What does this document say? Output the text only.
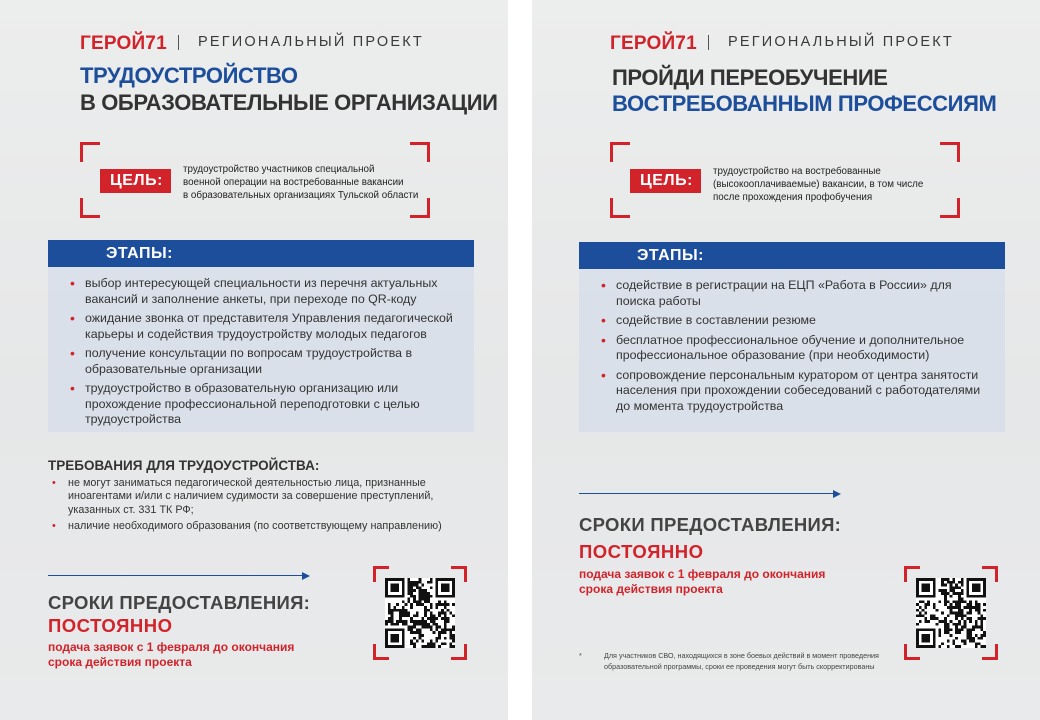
ГЕРОЙ71 РЕГИОНАЛЬНЫЙ ПРОЕКТ
ТРУДОУСТРОЙСТВО
В ОБРАЗОВАТЕЛЬНЫЕ ОРГАНИЗАЦИИ
ЦЕЛЬ:
трудоустройство участников специальной
военной операции на востребованные вакансии
в образовательных организациях Тульской области
ЭТАПЫ:
• выбор интересующей специальности из перечня актуальных вакансий и заполнение анкеты, при переходе по QR-коду
• ожидание звонка от представителя Управления педагогической карьеры и содействия трудоустройству молодых педагогов
• получение консультации по вопросам трудоустройства в образовательные организации
• трудоустройство в образовательную организацию или прохождение профессиональной переподготовки с целью трудоустройства
ТРЕБОВАНИЯ ДЛЯ ТРУДОУСТРОЙСТВА:
• не могут заниматься педагогической деятельностью лица, признанные иноагентами и/или с наличием судимости за совершение преступлений, указанных ст. 331 ТК РФ;
• наличие необходимого образования (по соответствующему направлению)
СРОКИ ПРЕДОСТАВЛЕНИЯ:
ПОСТОЯННО
подача заявок с 1 февраля до окончания
срока действия проекта
ГЕРОЙ71 РЕГИОНАЛЬНЫЙ ПРОЕКТ
ПРОЙДИ ПЕРЕОБУЧЕНИЕ
ВОСТРЕБОВАННЫМ ПРОФЕССИЯМ
ЦЕЛЬ:
трудоустройство на востребованные
(высокооплачиваемые) вакансии, в том числе
после прохождения профобучения
ЭТАПЫ:
• содействие в регистрации на ЕЦП «Работа в России» для поиска работы
• содействие в составлении резюме
• бесплатное профессиональное обучение и дополнительное профессиональное образование (при необходимости)
• сопровождение персональным куратором от центра занятости населения при прохождении собеседований с работодателями до момента трудоустройства
СРОКИ ПРЕДОСТАВЛЕНИЯ:
ПОСТОЯННО
подача заявок с 1 февраля до окончания
срока действия проекта
*	Для участников СВО, находящихся в зоне боевых действий в момент проведения
образовательной программы, сроки ее проведения могут быть скорректированы
